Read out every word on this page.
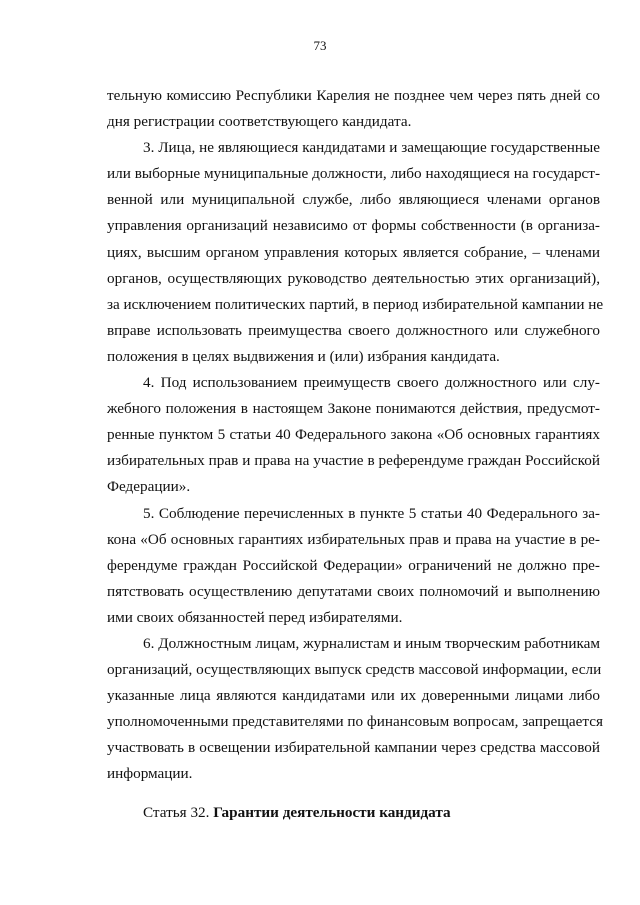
73
тельную комиссию Республики Карелия не позднее чем через пять дней со
дня регистрации соответствующего кандидата.
3. Лица, не являющиеся кандидатами и замещающие государственные
или выборные муниципальные должности, либо находящиеся на государст-
венной или муниципальной службе, либо являющиеся членами органов
управления организаций независимо от формы собственности (в организа-
циях, высшим органом управления которых является собрание, – членами
органов, осуществляющих руководство деятельностью этих организаций),
за исключением политических партий, в период избирательной кампании не
вправе использовать преимущества своего должностного или служебного
положения в целях выдвижения и (или) избрания кандидата.
4. Под использованием преимуществ своего должностного или слу-
жебного положения в настоящем Законе понимаются действия, предусмот-
ренные пунктом 5 статьи 40 Федерального закона «Об основных гарантиях
избирательных прав и права на участие в референдуме граждан Российской
Федерации».
5. Соблюдение перечисленных в пункте 5 статьи 40 Федерального за-
кона «Об основных гарантиях избирательных прав и права на участие в ре-
ферендуме граждан Российской Федерации» ограничений не должно пре-
пятствовать осуществлению депутатами своих полномочий и выполнению
ими своих обязанностей перед избирателями.
6. Должностным лицам, журналистам и иным творческим работникам
организаций, осуществляющих выпуск средств массовой информации, если
указанные лица являются кандидатами или их доверенными лицами либо
уполномоченными представителями по финансовым вопросам, запрещается
участвовать в освещении избирательной кампании через средства массовой
информации.
Статья 32. Гарантии деятельности кандидата
